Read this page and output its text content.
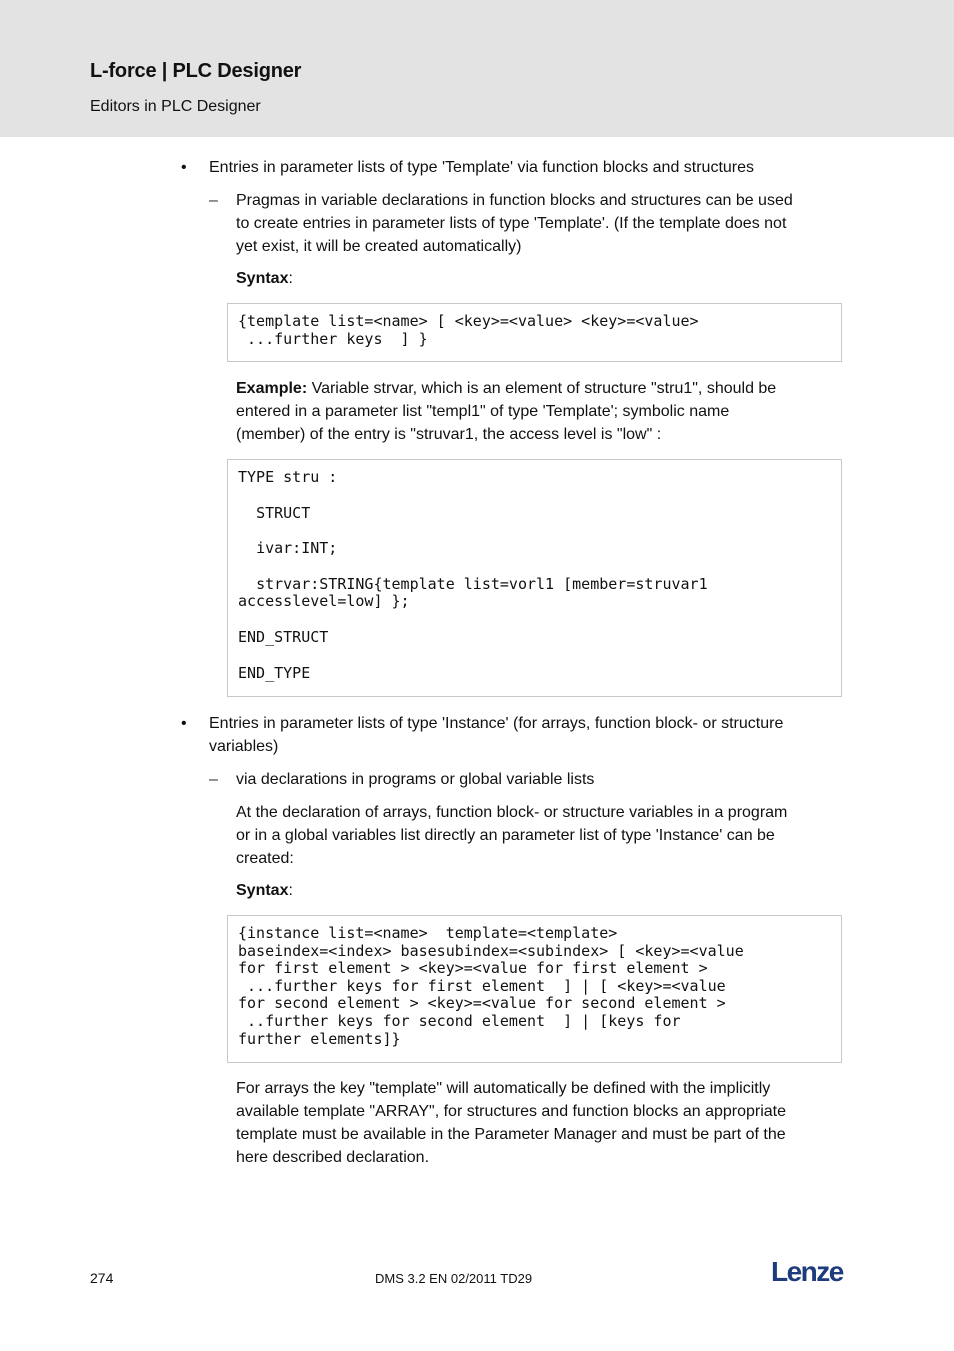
L-force | PLC Designer
Editors in PLC Designer
• Entries in parameter lists of type 'Template' via function blocks and structures

– Pragmas in variable declarations in function blocks and structures can be used

to create entries in parameter lists of type 'Template'. (If the template does not

yet exist, it will be created automatically)

Syntax:

{template list=<name> [ <key>=<value> <key>=<value>
...further keys  ] }

Example: Variable strvar, which is an element of structure "stru1", should be

entered in a parameter list "templ1" of type 'Template'; symbolic name

(member) of the entry is "struvar1, the access level is "low" :

TYPE stru :
STRUCT
ivar:INT;
strvar:STRING{template list=vorl1 [member=struvar1
accesslevel=low] };
END_STRUCT
END_TYPE
• Entries in parameter lists of type 'Instance' (for arrays, function block- or structure

variables)

– via declarations in programs or global variable lists

At the declaration of arrays, function block- or structure variables in a program

or in a global variables list directly an parameter list of type 'Instance' can be

created:

Syntax:

{instance list=<name>  template=<template>
baseindex=<index> basesubindex=<subindex> [ <key>=<value
for first element > <key>=<value for first element >
...further keys for first element  ] | [ <key>=<value
for second element > <key>=<value for second element >
..further keys for second element  ] | [keys for
further elements]}

For arrays the key "template" will automatically be defined with the implicitly

available template "ARRAY", for structures and function blocks an appropriate

template must be available in the Parameter Manager and must be part of the

here described declaration.

274	DMS 3.2 EN 02/2011 TD29	Lenze
